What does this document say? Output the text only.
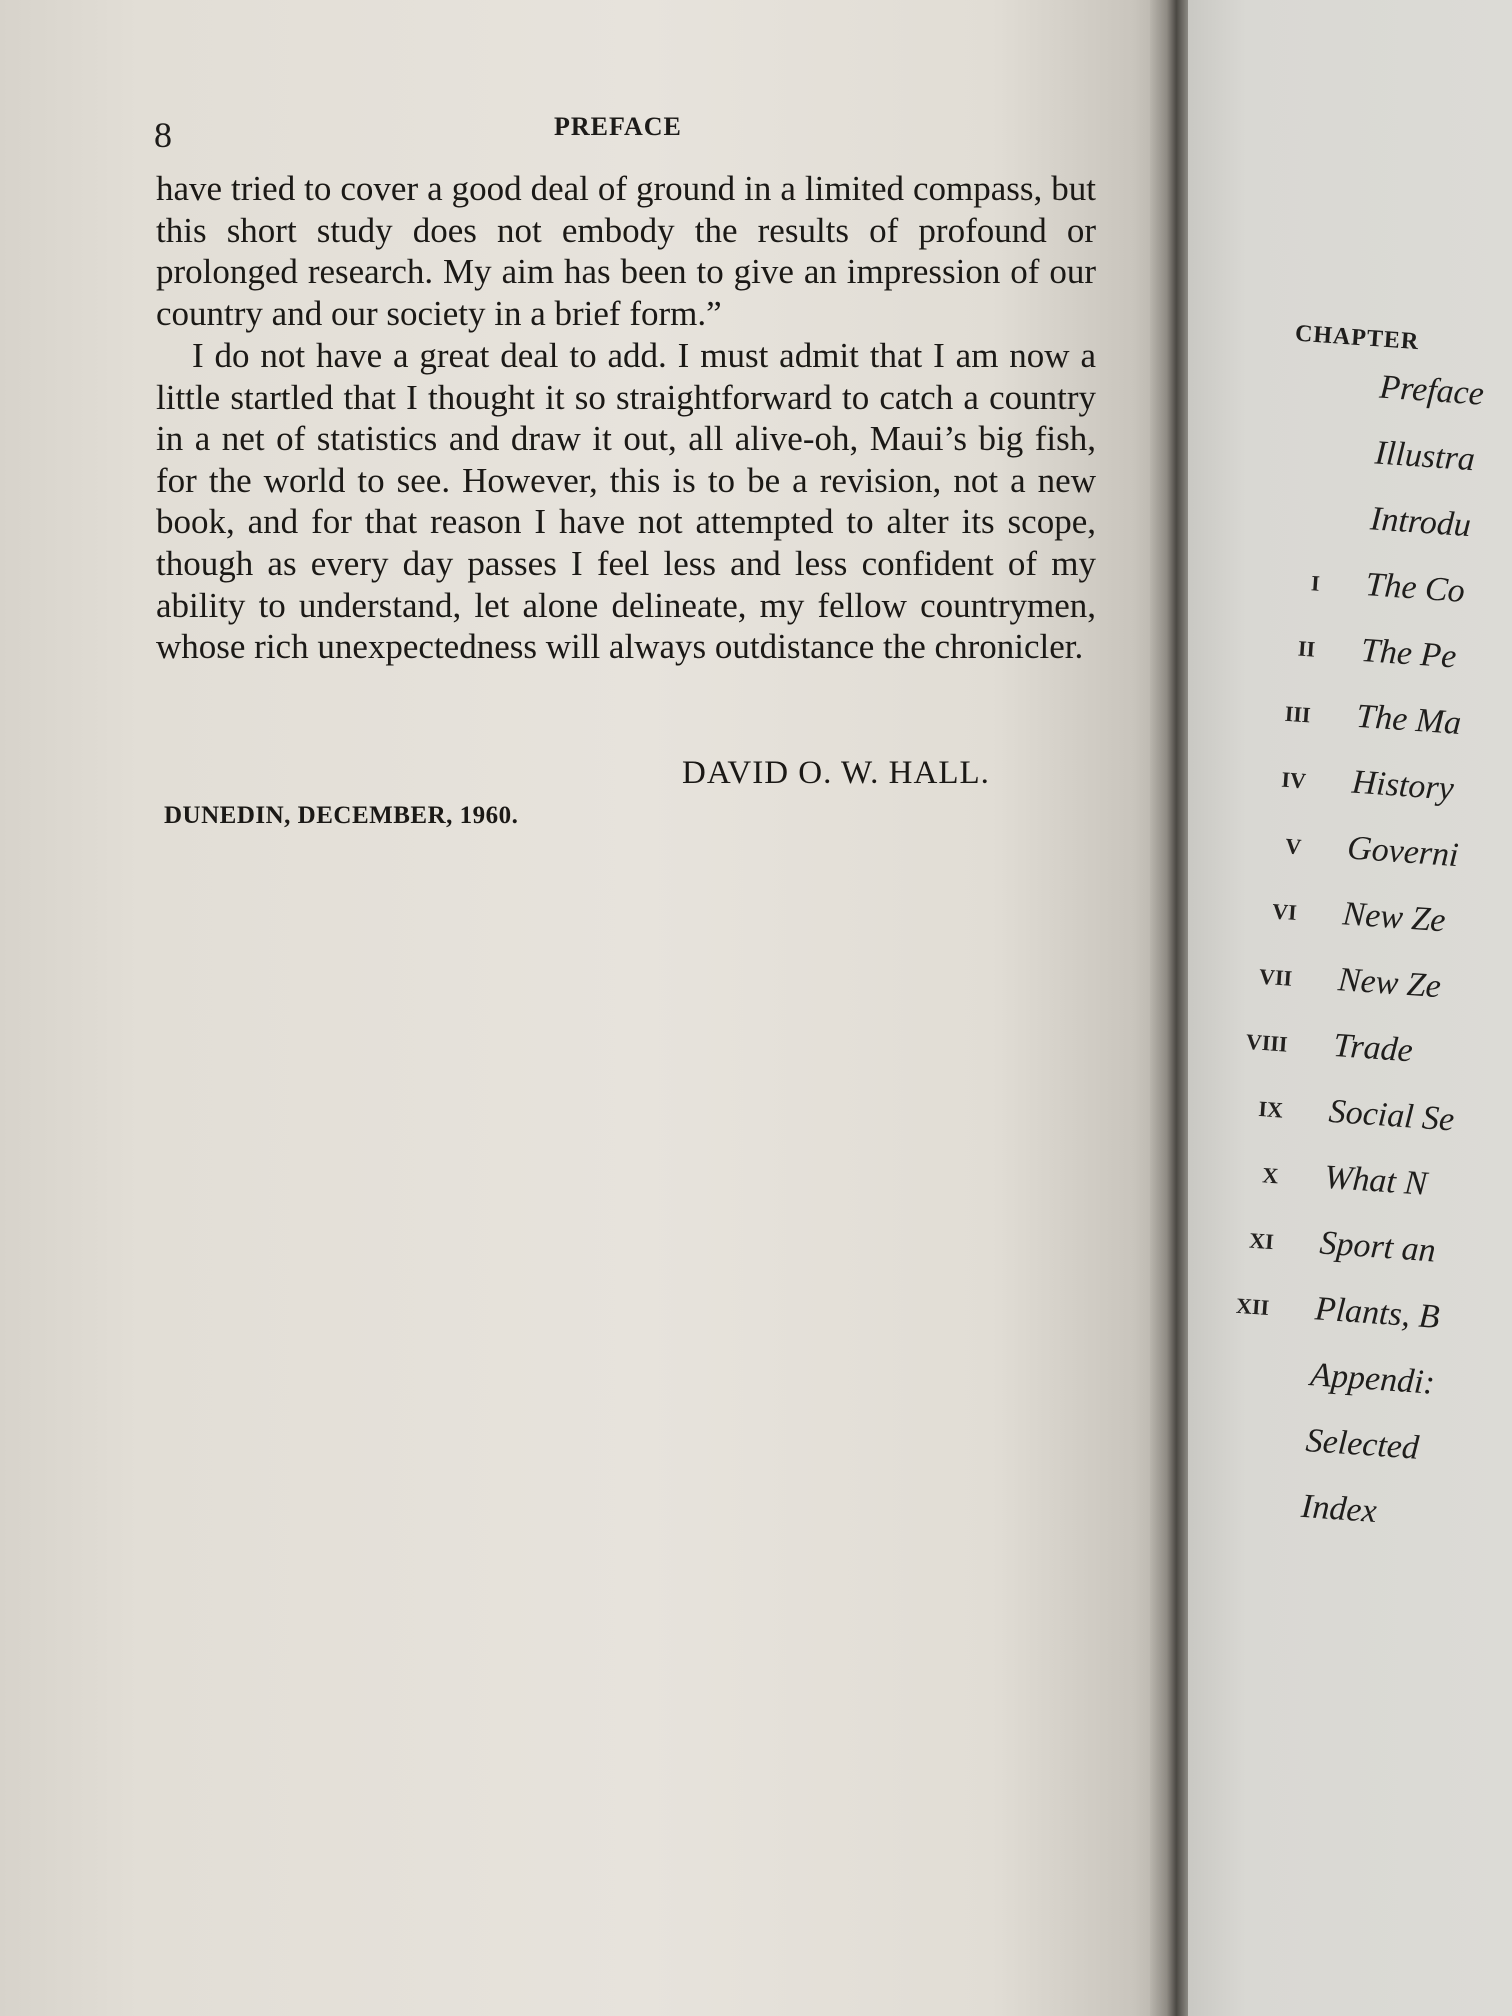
8	PREFACE

have tried to cover a good deal of ground in a limited compass, but this short study does not embody the results of profound or prolonged research. My aim has been to give an impression of our country and our society in a brief form.”

I do not have a great deal to add. I must admit that I am now a little startled that I thought it so straightforward to catch a country in a net of statistics and draw it out, all alive-oh, Maui’s big fish, for the world to see. However, this is to be a revision, not a new book, and for that reason I have not attempted to alter its scope, though as every day passes I feel less and less confident of my ability to understand, let alone delineate, my fellow countrymen, whose rich unexpectedness will always outdistance the chronicler.

DAVID O. W. HALL.
DUNEDIN, DECEMBER, 1960.
CHAPTER
Preface
Illustra
Introdu
I The Co
II The Pe
III The Ma
IV History
V Governi
VI New Ze
VII New Ze
VIII Trade
IX Social Se
X What N
XI Sport an
XII Plants, B
Appendi:
Selected
Index
